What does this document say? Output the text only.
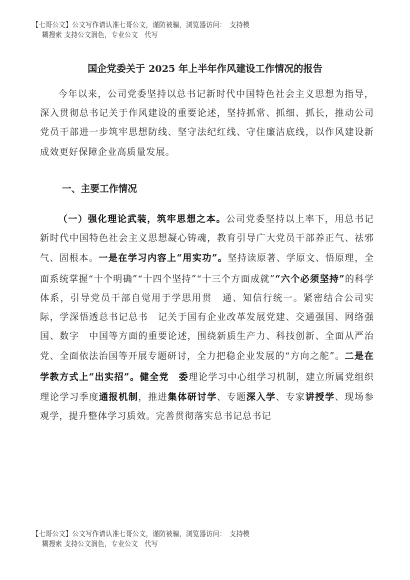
【七哥公文】公文写作请认准七哥公文，谨防被骗，浏览器访问：　支持模
糊搜索 支持公文润色，专业公文　代写
国企党委关于 2025 年上半年作风建设工作情况的报告

今年以来，公司党委坚持以总书记新时代中国特色社会主义思想为指导，深入贯彻总书记关于作风建设的重要论述，坚持抓常、抓细、抓长，推动公司党员干部进一步筑牢思想防线、坚守法纪红线、守住廉洁底线，以作风建设新成效更好保障企业高质量发展。

一、主要工作情况

（一）强化理论武装，筑牢思想之本。公司党委坚持以上率下，用总书记新时代中国特色社会主义思想凝心铸魂，教育引导广大党员干部养正气、祛邪气、固根本。一是在学习内容上“用实功”。坚持读原著、学原文、悟原理，全面系统掌握“十个明确”“十四个坚持”“十三个方面成就”“六个必须坚持”的科学体系，引导党员干部自觉用于学思用贯　通、知信行统一。紧密结合公司实际，学深悟透总书记总书　记关于国有企业改革发展党建、交通强国、网络强国、数字　中国等方面的重要论述，围绕新质生产力、科技创新、全面从严治党、全面依法治国等开展专题研讨，全力把稳企业发展的“方向之舵”。二是在学教方式上“出实招”。健全党　委理论学习中心组学习机制，建立所属党组织理论学习季度通报机制，推进集体研讨学、专题深入学、专家讲授学、现场参观学，提升整体学习质效。完善贯彻落实总书记总书记

【七哥公文】公文写作请认准七哥公文，谨防被骗，浏览器访问：　支持模
糊搜索 支持公文润色，专业公文　代写
